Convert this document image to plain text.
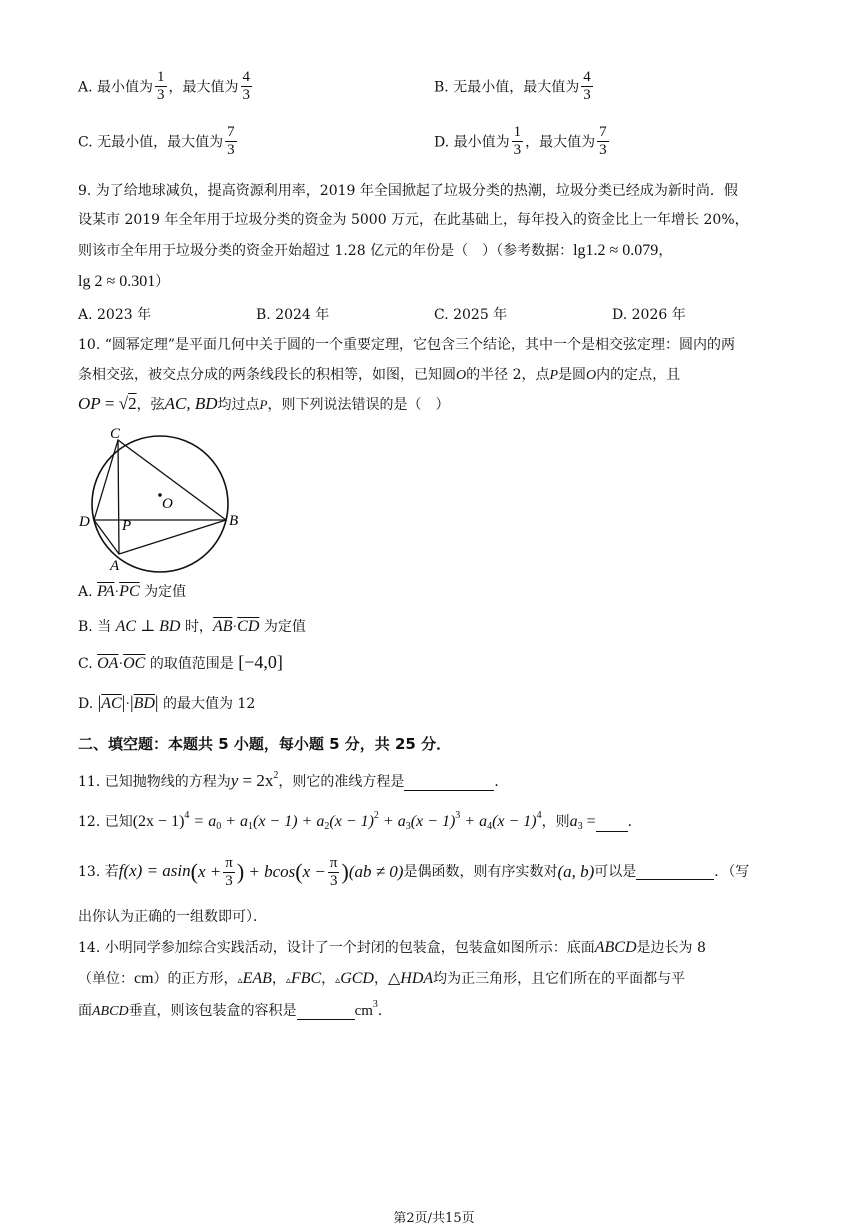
A. 最小值为 $\frac{1}{3}$ ，最大值为 $\frac{4}{3}$	B. 无最小值，最大值为 $\frac{4}{3}$
C. 无最小值，最大值为 $\frac{7}{3}$	D. 最小值为 $\frac{1}{3}$ ，最大值为 $\frac{7}{3}$
9. 为了给地球减负，提高资源利用率，2019 年全国掀起了垃圾分类的热潮，垃圾分类已经成为新时尚．假
设某市 2019 年全年用于垃圾分类的资金为 5000 万元，在此基础上，每年投入的资金比上一年增长 20%，
则该市全年用于垃圾分类的资金开始超过 1.28 亿元的年份是（　）（参考数据：lg1.2 ≈ 0.079，
lg 2 ≈ 0.301）
A. 2023 年	B. 2024 年	C. 2025 年	D. 2026 年
10. “圆幂定理”是平面几何中关于圆的一个重要定理，它包含三个结论，其中一个是相交弦定理：圆内的两
条相交弦，被交点分成的两条线段长的积相等，如图，已知圆O的半径 2，点P是圆O内的定点，且
OP = √2，弦AC, BD均过点P，则下列说法错误的是（　）
C
O
D P	B
A
A. $\overline{PA}\cdot\overline{PC}$ 为定值
B. 当 AC ⊥ BD 时，$\overline{AB}\cdot\overline{CD}$ 为定值
C. $\overline{OA}\cdot\overline{OC}$ 的取值范围是 [−4,0]
D. $|\overline{AC}|\cdot|\overline{BD}|$ 的最大值为 12
二、填空题：本题共 5 小题，每小题 5 分，共 25 分．
11. 已知抛物线的方程为$y = 2x^2$，则它的准线方程是	．
12. 已知$(2x - 1)^4 = a_0 + a_1(x - 1) + a_2(x - 1)^2 + a_3(x - 1)^3 + a_4(x - 1)^4$，则$a_3$ = ．
13. 若$f(x) = asin(x + \frac{\pi}{3}$ ) + $bcos(x - \frac{\pi}{3} )(ab \ne 0)$是偶函数，则有序实数对(a, b)可以是	．（写
出你认为正确的一组数即可）．
14. 小明同学参加综合实践活动，设计了一个封闭的包装盒，包装盒如图所示：底面ABCD是边长为 8
（单位：cm）的正方形，▵EAB，▵FBC，▵GCD，△HDA均为正三角形，且它们所在的平面都与平
面ABCD垂直，则该包装盒的容积是	$cm^3$．
第2页/共15页
